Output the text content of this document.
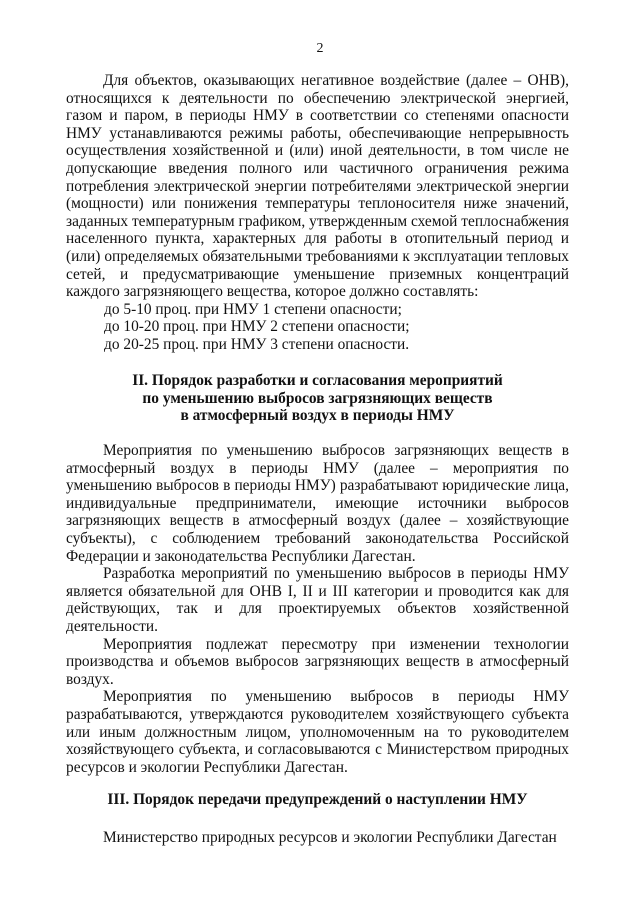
2

Для объектов, оказывающих негативное воздействие (далее – ОНВ), относящихся к деятельности по обеспечению электрической энергией, газом и паром, в периоды НМУ в соответствии со степенями опасности НМУ устанавливаются режимы работы, обеспечивающие непрерывность осуществления хозяйственной и (или) иной деятельности, в том числе не допускающие введения полного или частичного ограничения режима потребления электрической энергии потребителями электрической энергии (мощности) или понижения температуры теплоносителя ниже значений, заданных температурным графиком, утвержденным схемой теплоснабжения населенного пункта, характерных для работы в отопительный период и (или) определяемых обязательными требованиями к эксплуатации тепловых сетей, и предусматривающие уменьшение приземных концентраций каждого загрязняющего вещества, которое должно составлять:

до 5-10 проц. при НМУ 1 степени опасности;

до 10-20 проц. при НМУ 2 степени опасности;

до 20-25 проц. при НМУ 3 степени опасности.

II. Порядок разработки и согласования мероприятий

по уменьшению выбросов загрязняющих веществ

в атмосферный воздух в периоды НМУ

Мероприятия по уменьшению выбросов загрязняющих веществ в атмосферный воздух в периоды НМУ (далее – мероприятия по уменьшению выбросов в периоды НМУ) разрабатывают юридические лица, индивидуальные предприниматели, имеющие источники выбросов загрязняющих веществ в атмосферный воздух (далее – хозяйствующие субъекты), с соблюдением требований законодательства Российской Федерации и законодательства Республики Дагестан.

Разработка мероприятий по уменьшению выбросов в периоды НМУ является обязательной для ОНВ I, II и III категории и проводится как для действующих, так и для проектируемых объектов хозяйственной деятельности.

Мероприятия подлежат пересмотру при изменении технологии производства и объемов выбросов загрязняющих веществ в атмосферный воздух.

Мероприятия по уменьшению выбросов в периоды НМУ разрабатываются, утверждаются руководителем хозяйствующего субъекта или иным должностным лицом, уполномоченным на то руководителем хозяйствующего субъекта, и согласовываются с Министерством природных ресурсов и экологии Республики Дагестан.

III. Порядок передачи предупреждений о наступлении НМУ

Министерство природных ресурсов и экологии Республики Дагестан
